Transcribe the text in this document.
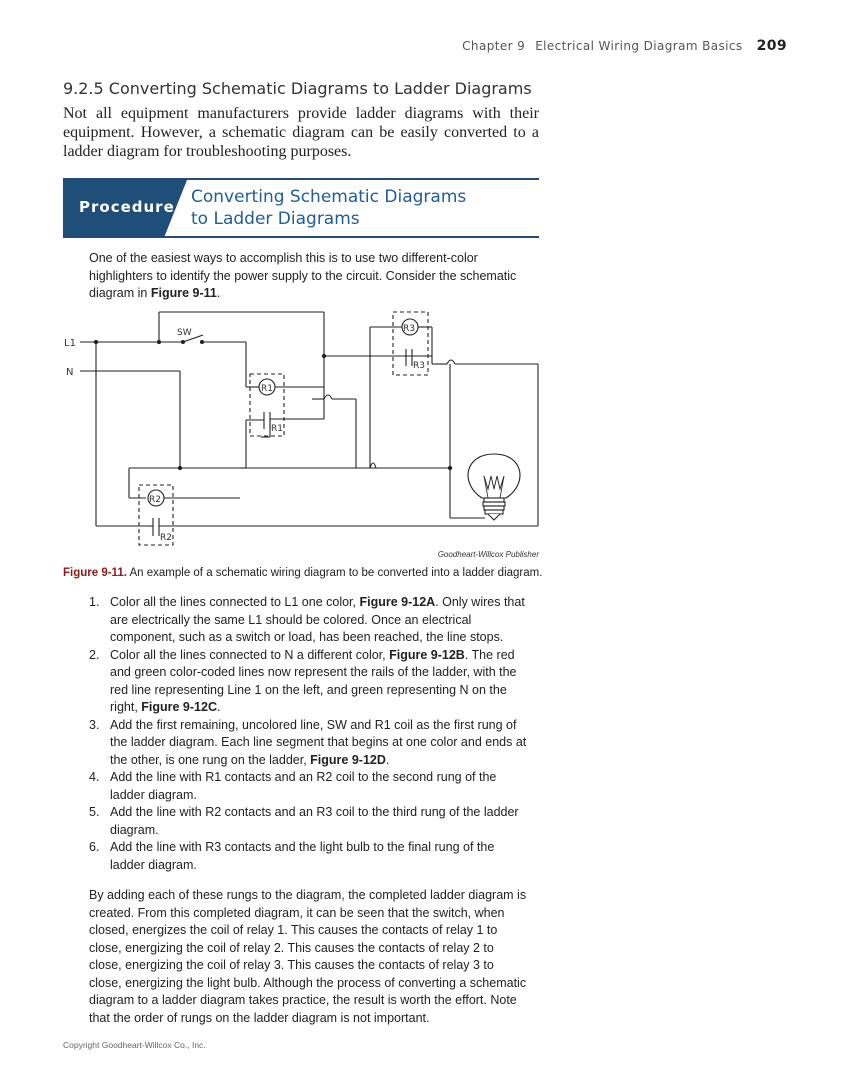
Chapter 9 Electrical Wiring Diagram Basics 209
9.2.5 Converting Schematic Diagrams to Ladder Diagrams
Not all equipment manufacturers provide ladder diagrams with their equipment. However, a schematic diagram can be easily converted to a ladder diagram for troubleshooting purposes.
Procedure Converting Schematic Diagrams
to Ladder Diagrams
One of the easiest ways to accomplish this is to use two different-color highlighters to identify the power supply to the circuit. Consider the schematic diagram in Figure 9-11.
L1
N
SW
R1
R1
R2
R2
R3
R3
Goodheart-Willcox Publisher
Figure 9-11. An example of a schematic wiring diagram to be converted into a ladder diagram.
1. Color all the lines connected to L1 one color, Figure 9-12A. Only wires that are electrically the same L1 should be colored. Once an electrical component, such as a switch or load, has been reached, the line stops.
2. Color all the lines connected to N a different color, Figure 9-12B. The red and green color-coded lines now represent the rails of the ladder, with the red line representing Line 1 on the left, and green representing N on the right, Figure 9-12C.
3. Add the first remaining, uncolored line, SW and R1 coil as the first rung of the ladder diagram. Each line segment that begins at one color and ends at the other, is one rung on the ladder, Figure 9-12D.
4. Add the line with R1 contacts and an R2 coil to the second rung of the ladder diagram.
5. Add the line with R2 contacts and an R3 coil to the third rung of the ladder diagram.
6. Add the line with R3 contacts and the light bulb to the final rung of the ladder diagram.
By adding each of these rungs to the diagram, the completed ladder diagram is created. From this completed diagram, it can be seen that the switch, when closed, energizes the coil of relay 1. This causes the contacts of relay 1 to close, energizing the coil of relay 2. This causes the contacts of relay 2 to close, energizing the coil of relay 3. This causes the contacts of relay 3 to close, energizing the light bulb. Although the process of converting a schematic diagram to a ladder diagram takes practice, the result is worth the effort. Note that the order of rungs on the ladder diagram is not important.
Copyright Goodheart-Willcox Co., Inc.
